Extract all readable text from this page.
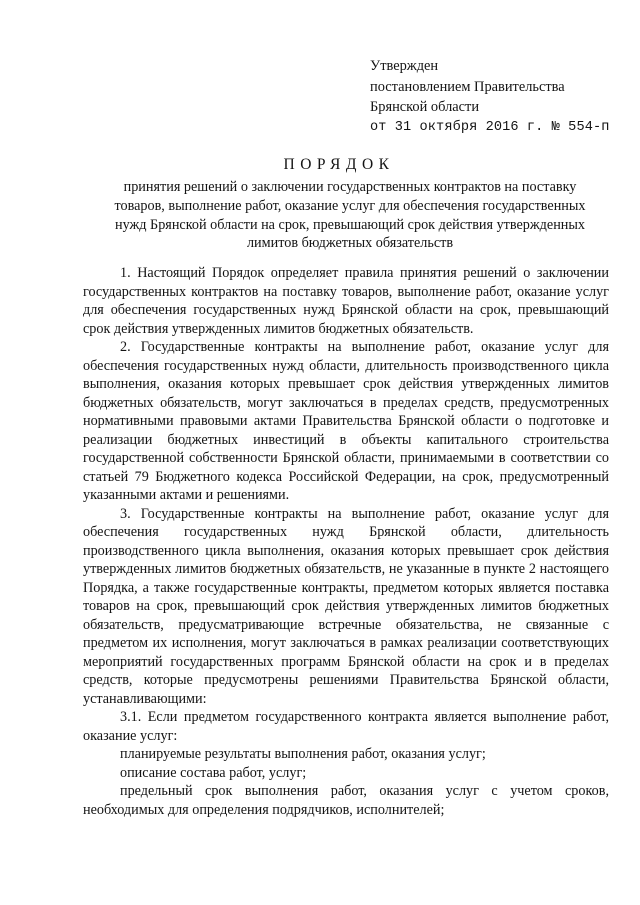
Утвержден
постановлением Правительства
Брянской области
от 31 октября 2016 г. № 554-п
ПОРЯДОК
принятия решений о заключении государственных контрактов на поставку товаров, выполнение работ, оказание услуг для обеспечения государственных нужд Брянской области на срок, превышающий срок действия утвержденных лимитов бюджетных обязательств

1. Настоящий Порядок определяет правила принятия решений о заключении государственных контрактов на поставку товаров, выполнение работ, оказание услуг для обеспечения государственных нужд Брянской области на срок, превышающий срок действия утвержденных лимитов бюджетных обязательств.

2. Государственные контракты на выполнение работ, оказание услуг для обеспечения государственных нужд области, длительность производственного цикла выполнения, оказания которых превышает срок действия утвержденных лимитов бюджетных обязательств, могут заключаться в пределах средств, предусмотренных нормативными правовыми актами Правительства Брянской области о подготовке и реализации бюджетных инвестиций в объекты капитального строительства государственной собственности Брянской области, принимаемыми в соответствии со статьей 79 Бюджетного кодекса Российской Федерации, на срок, предусмотренный указанными актами и решениями.

3. Государственные контракты на выполнение работ, оказание услуг для обеспечения государственных нужд Брянской области, длительность производственного цикла выполнения, оказания которых превышает срок действия утвержденных лимитов бюджетных обязательств, не указанные в пункте 2 настоящего Порядка, а также государственные контракты, предметом которых является поставка товаров на срок, превышающий срок действия утвержденных лимитов бюджетных обязательств, предусматривающие встречные обязательства, не связанные с предметом их исполнения, могут заключаться в рамках реализации соответствующих мероприятий государственных программ Брянской области на срок и в пределах средств, которые предусмотрены решениями Правительства Брянской области, устанавливающими:

3.1. Если предметом государственного контракта является выполнение работ, оказание услуг:

планируемые результаты выполнения работ, оказания услуг;

описание состава работ, услуг;

предельный срок выполнения работ, оказания услуг с учетом сроков, необходимых для определения подрядчиков, исполнителей;
